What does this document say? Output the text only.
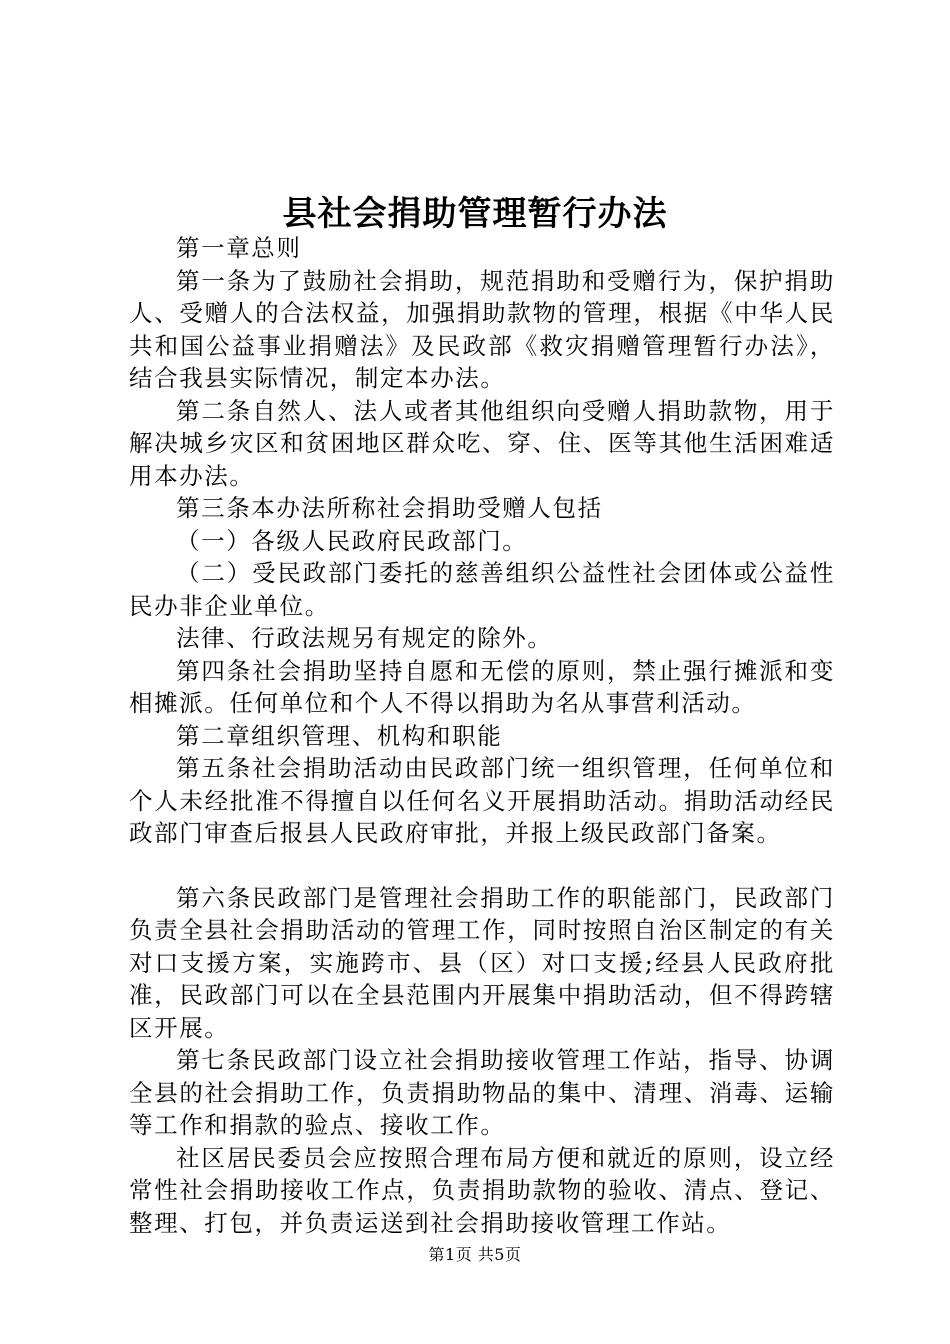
县社会捐助管理暂行办法

第一章总则

第一条为了鼓励社会捐助，规范捐助和受赠行为，保护捐助人、受赠人的合法权益，加强捐助款物的管理，根据《中华人民共和国公益事业捐赠法》及民政部《救灾捐赠管理暂行办法》，结合我县实际情况，制定本办法。

第二条自然人、法人或者其他组织向受赠人捐助款物，用于解决城乡灾区和贫困地区群众吃、穿、住、医等其他生活困难适用本办法。

第三条本办法所称社会捐助受赠人包括

（一）各级人民政府民政部门。

（二）受民政部门委托的慈善组织公益性社会团体或公益性民办非企业单位。

法律、行政法规另有规定的除外。

第四条社会捐助坚持自愿和无偿的原则，禁止强行摊派和变相摊派。任何单位和个人不得以捐助为名从事营利活动。

第二章组织管理、机构和职能

第五条社会捐助活动由民政部门统一组织管理，任何单位和个人未经批准不得擅自以任何名义开展捐助活动。捐助活动经民政部门审查后报县人民政府审批，并报上级民政部门备案。

第六条民政部门是管理社会捐助工作的职能部门，民政部门负责全县社会捐助活动的管理工作，同时按照自治区制定的有关对口支援方案，实施跨市、县（区）对口支援;经县人民政府批准，民政部门可以在全县范围内开展集中捐助活动，但不得跨辖区开展。

第七条民政部门设立社会捐助接收管理工作站，指导、协调全县的社会捐助工作，负责捐助物品的集中、清理、消毒、运输等工作和捐款的验点、接收工作。

社区居民委员会应按照合理布局方便和就近的原则，设立经常性社会捐助接收工作点，负责捐助款物的验收、清点、登记、整理、打包，并负责运送到社会捐助接收管理工作站。

第1页 共5页
